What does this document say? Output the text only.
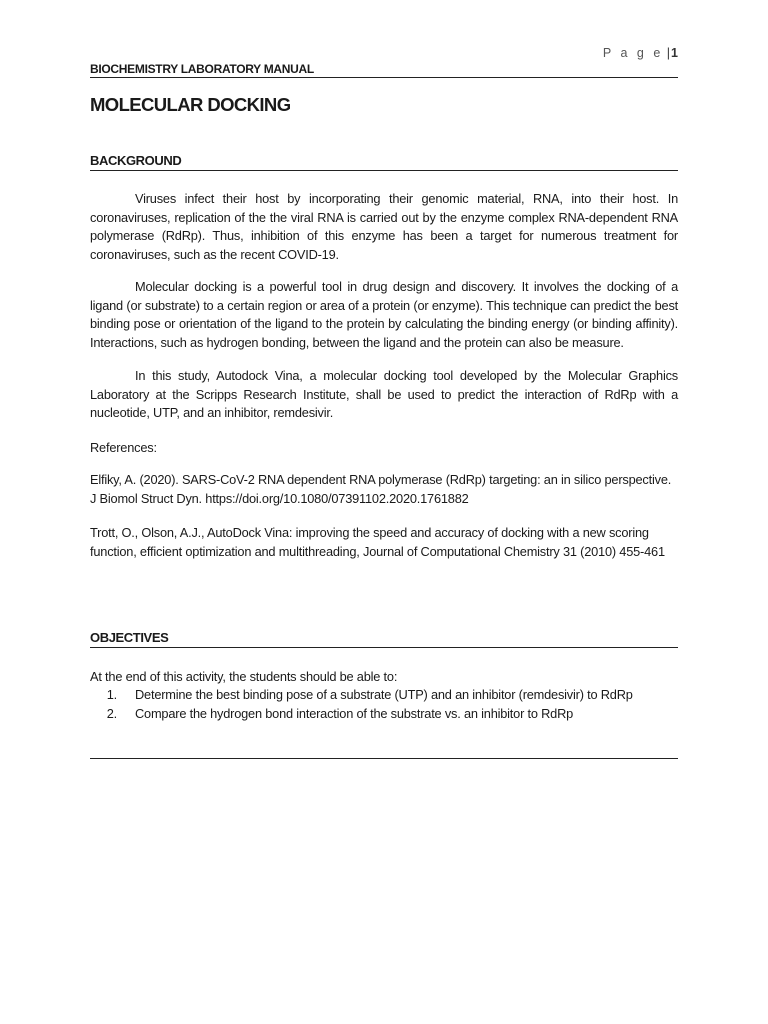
P a g e |1
BIOCHEMISTRY LABORATORY MANUAL
MOLECULAR DOCKING
BACKGROUND

Viruses infect their host by incorporating their genomic material, RNA, into their host. In coronaviruses, replication of the the viral RNA is carried out by the enzyme complex RNA-dependent RNA polymerase (RdRp). Thus, inhibition of this enzyme has been a target for numerous treatment for coronaviruses, such as the recent COVID-19.

Molecular docking is a powerful tool in drug design and discovery. It involves the docking of a ligand (or substrate) to a certain region or area of a protein (or enzyme). This technique can predict the best binding pose or orientation of the ligand to the protein by calculating the binding energy (or binding affinity). Interactions, such as hydrogen bonding, between the ligand and the protein can also be measure.

In this study, Autodock Vina, a molecular docking tool developed by the Molecular Graphics Laboratory at the Scripps Research Institute, shall be used to predict the interaction of RdRp with a nucleotide, UTP, and an inhibitor, remdesivir.

References:

Elfiky, A. (2020). SARS-CoV-2 RNA dependent RNA polymerase (RdRp) targeting: an in silico perspective. J Biomol Struct Dyn. https://doi.org/10.1080/07391102.2020.1761882

Trott, O., Olson, A.J., AutoDock Vina: improving the speed and accuracy of docking with a new scoring function, efficient optimization and multithreading, Journal of Computational Chemistry 31 (2010) 455-461

OBJECTIVES
At the end of this activity, the students should be able to:
1. Determine the best binding pose of a substrate (UTP) and an inhibitor (remdesivir) to RdRp
2. Compare the hydrogen bond interaction of the substrate vs. an inhibitor to RdRp
